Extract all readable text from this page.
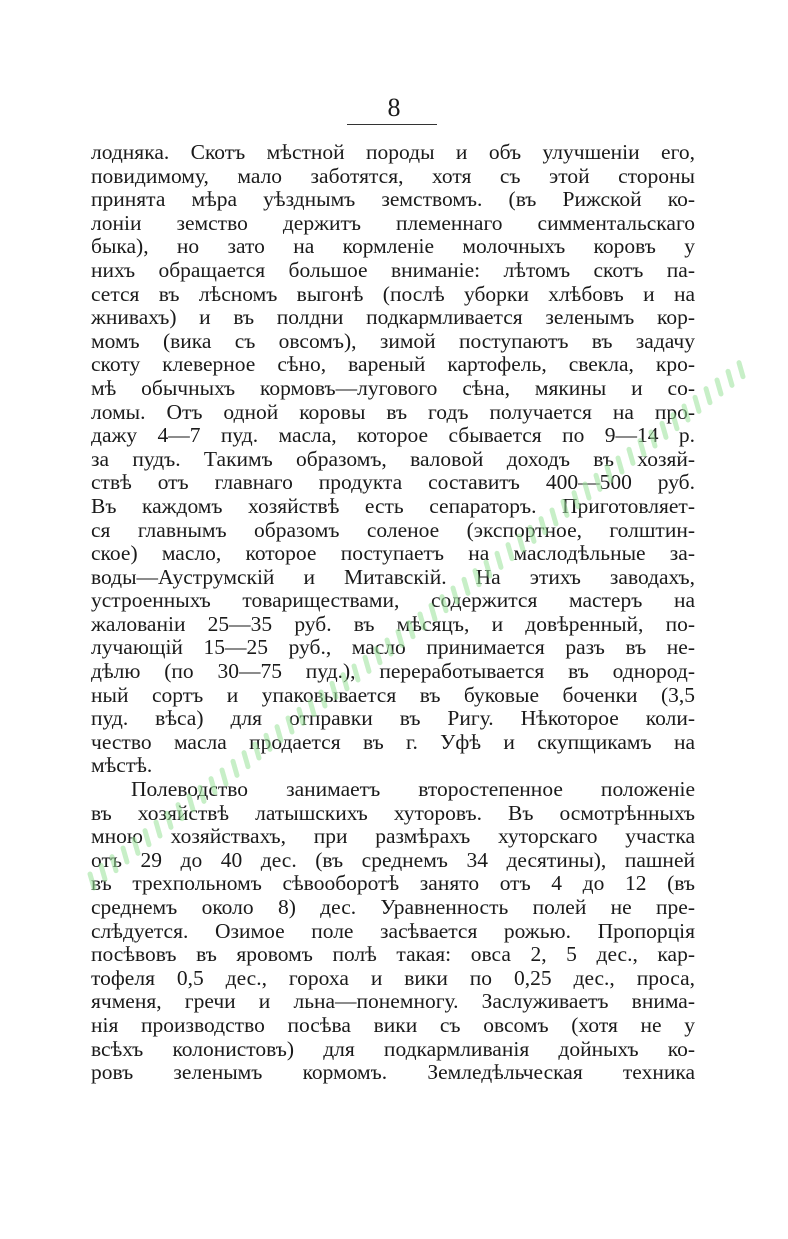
8
лодняка. Скотъ мѣстной породы и объ улучшеніи его,
повидимому, мало заботятся, хотя съ этой стороны
принята мѣра уѣзднымъ земствомъ. (въ Рижской ко-
лоніи земство держитъ племеннаго симментальскаго
быка), но зато на кормленіе молочныхъ коровъ у
нихъ обращается большое вниманіе: лѣтомъ скотъ па-
сется въ лѣсномъ выгонѣ (послѣ уборки хлѣбовъ и на
жнивахъ) и въ полдни подкармливается зеленымъ кор-
момъ (вика съ овсомъ), зимой поступаютъ въ задачу
скоту клеверное сѣно, вареный картофель, свекла, кро-
мѣ обычныхъ кормовъ—лугового сѣна, мякины и со-
ломы. Отъ одной коровы въ годъ получается на про-
дажу 4—7 пуд. масла, которое сбывается по 9—14 р.
за пудъ. Такимъ образомъ, валовой доходъ въ хозяй-
ствѣ отъ главнаго продукта составитъ 400—500 руб.
Въ каждомъ хозяйствѣ есть сепараторъ. Приготовляет-
ся главнымъ образомъ соленое (экспортное, голштин-
ское) масло, которое поступаетъ на маслодѣльные за-
воды—Ауструмскій и Митавскій. На этихъ заводахъ,
устроенныхъ товариществами, содержится мастеръ на
жалованіи 25—35 руб. въ мѣсяцъ, и довѣренный, по-
лучающій 15—25 руб., масло принимается разъ въ не-
дѣлю (по 30—75 пуд.), переработывается въ однород-
ный сортъ и упаковывается въ буковые боченки (3,5
пуд. вѣса) для отправки въ Ригу. Нѣкоторое коли-
чество масла продается въ г. Уфѣ и скупщикамъ на
мѣстѣ.
Полеводство занимаетъ второстепенное положеніе
въ хозяйствѣ латышскихъ хуторовъ. Въ осмотрѣнныхъ
мною хозяйствахъ, при размѣрахъ хуторскаго участка
отъ 29 до 40 дес. (въ среднемъ 34 десятины), пашней
въ трехпольномъ сѣвооборотѣ занято отъ 4 до 12 (въ
среднемъ около 8) дес. Уравненность полей не пре-
слѣдуется. Озимое поле засѣвается рожью. Пропорція
посѣвовъ въ яровомъ полѣ такая: овса 2, 5 дес., кар-
тофеля 0,5 дес., гороха и вики по 0,25 дес., проса,
ячменя, гречи и льна—понемногу. Заслуживаетъ внима-
нія производство посѣва вики съ овсомъ (хотя не у
всѣхъ колонистовъ) для подкармливанія дойныхъ ко-
ровъ зеленымъ кормомъ. Земледѣльческая техника
